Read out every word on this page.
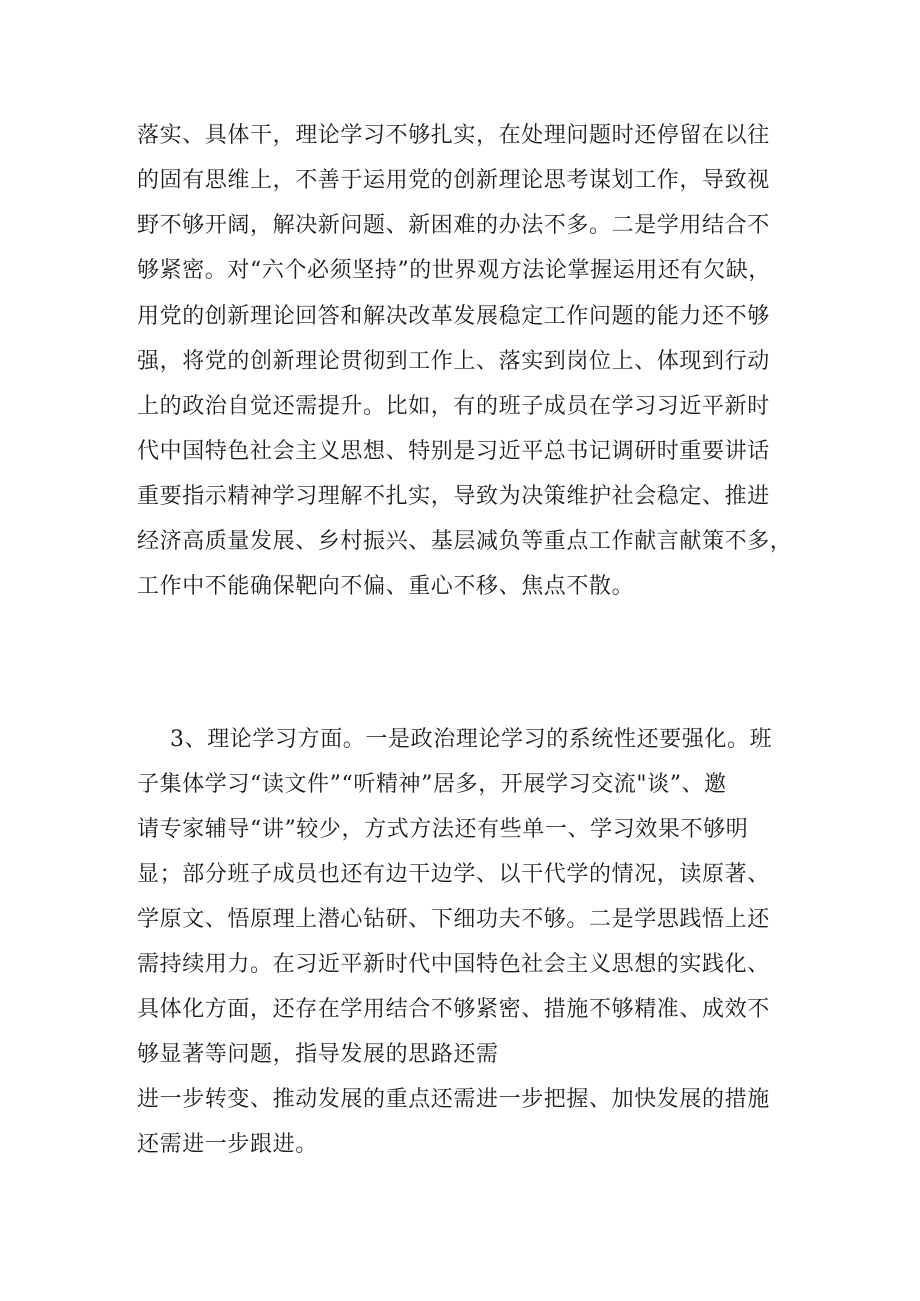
落实、具体干，理论学习不够扎实，在处理问题时还停留在以往
的固有思维上，不善于运用党的创新理论思考谋划工作，导致视
野不够开阔，解决新问题、新困难的办法不多。二是学用结合不
够紧密。对“六个必须坚持”的世界观方法论掌握运用还有欠缺，
用党的创新理论回答和解决改革发展稳定工作问题的能力还不够
强，将党的创新理论贯彻到工作上、落实到岗位上、体现到行动
上的政治自觉还需提升。比如，有的班子成员在学习习近平新时
代中国特色社会主义思想、特别是习近平总书记调研时重要讲话
重要指示精神学习理解不扎实，导致为决策维护社会稳定、推进
经济高质量发展、乡村振兴、基层减负等重点工作献言献策不多，
工作中不能确保靶向不偏、重心不移、焦点不散。
3、理论学习方面。一是政治理论学习的系统性还要强化。班
子集体学习“读文件”“听精神”居多，开展学习交流"谈”、邀
请专家辅导“讲”较少，方式方法还有些单一、学习效果不够明
显；部分班子成员也还有边干边学、以干代学的情况，读原著、
学原文、悟原理上潜心钻研、下细功夫不够。二是学思践悟上还
需持续用力。在习近平新时代中国特色社会主义思想的实践化、
具体化方面，还存在学用结合不够紧密、措施不够精准、成效不
够显著等问题，指导发展的思路还需
进一步转变、推动发展的重点还需进一步把握、加快发展的措施
还需进一步跟进。
